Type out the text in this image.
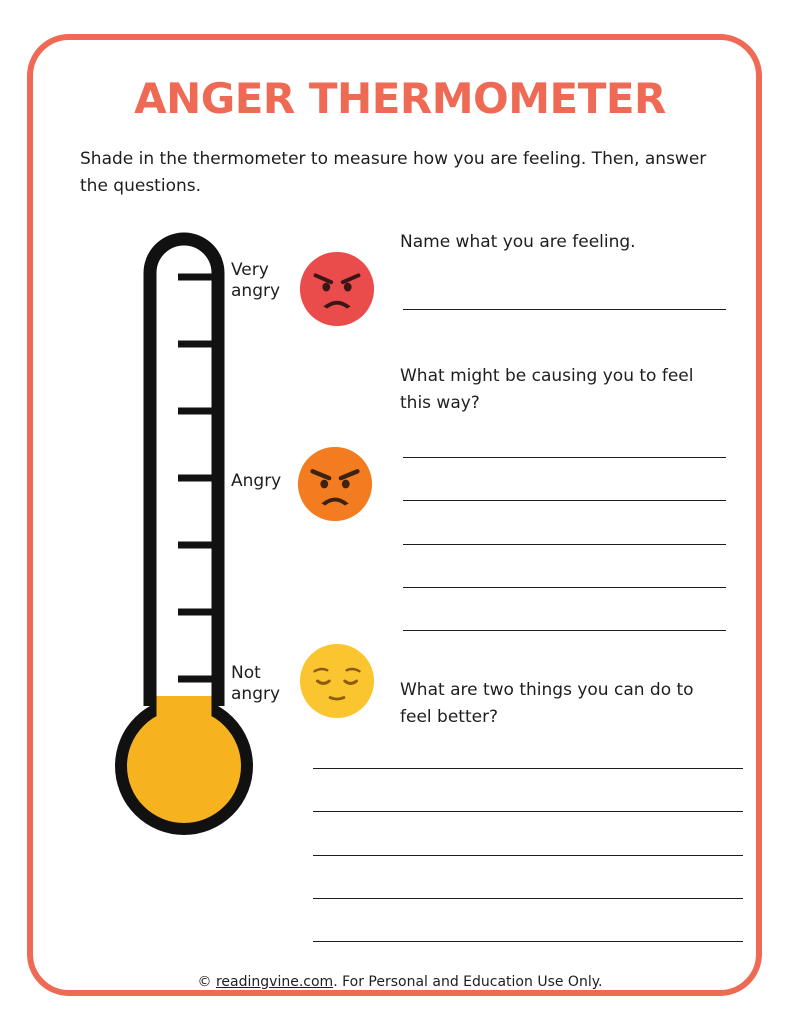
ANGER THERMOMETER

Shade in the thermometer to measure how you are feeling. Then, answer the questions.

Very
angry
Angry
Not
angry

Name what you are feeling.

What might be causing you to feel this way?

What are two things you can do to feel better?

© readingvine.com. For Personal and Education Use Only.
